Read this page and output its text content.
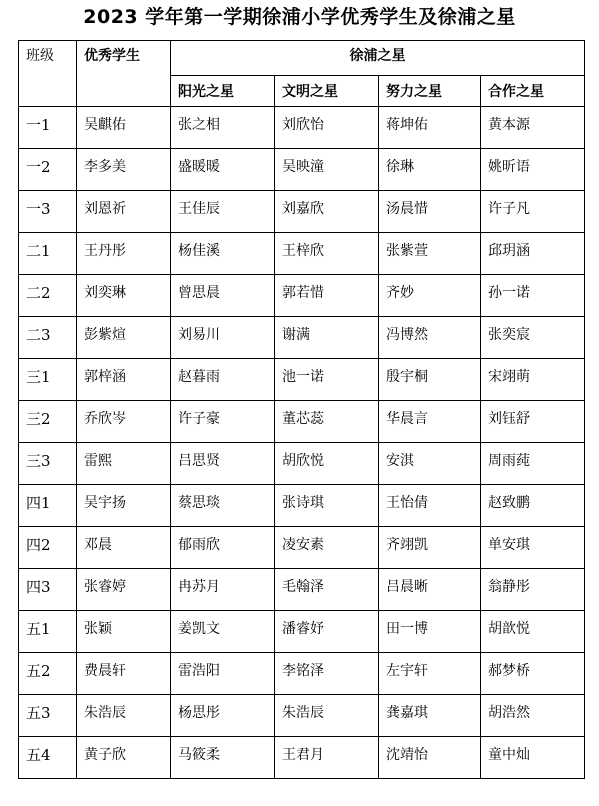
2023 学年第一学期徐浦小学优秀学生及徐浦之星
班级	优秀学生	徐浦之星			
		阳光之星	文明之星	努力之星	合作之星
一1	吴麒佑	张之相	刘欣怡	蒋坤佑	黄本源
一2	李多美	盛暖暖	吴映潼	徐琳	姚昕语
一3	刘恩祈	王佳辰	刘嘉欣	汤晨惜	许子凡
二1	王丹彤	杨佳溪	王梓欣	张紫萱	邱玥涵
二2	刘奕琳	曾思晨	郭若惜	齐妙	孙一诺
二3	彭紫煊	刘易川	谢满	冯博然	张奕宸
三1	郭梓涵	赵暮雨	池一诺	殷宇桐	宋翊萌
三2	乔欣岑	许子豪	董芯蕊	华晨言	刘钰舒
三3	雷熙	吕思贤	胡欣悦	安淇	周雨莼
四1	吴宇扬	蔡思琰	张诗琪	王怡倩	赵致鹏
四2	邓晨	郁雨欣	凌安素	齐翊凯	单安琪
四3	张睿婷	冉苏月	毛翰泽	吕晨晰	翁静彤
五1	张颖	姜凯文	潘睿妤	田一博	胡歆悦
五2	费晨轩	雷浩阳	李铭泽	左宇轩	郝梦桥
五3	朱浩辰	杨思彤	朱浩辰	龚嘉琪	胡浩然
五4	黄子欣	马筱柔	王君月	沈靖怡	童中灿
